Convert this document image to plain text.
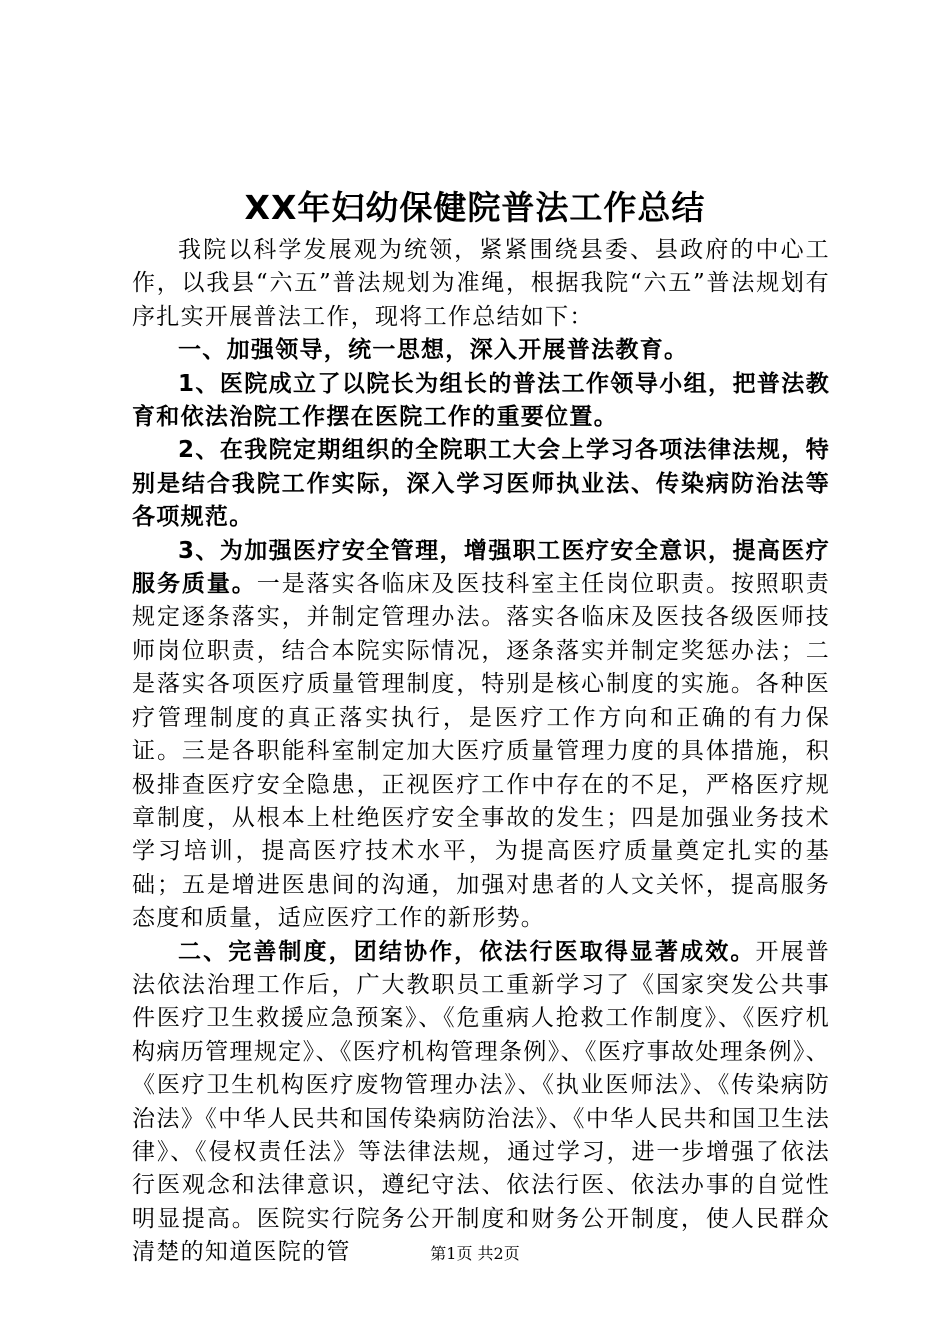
XX年妇幼保健院普法工作总结

我院以科学发展观为统领，紧紧围绕县委、县政府的中心工作，以我县“六五”普法规划为准绳，根据我院“六五”普法规划有序扎实开展普法工作，现将工作总结如下：

一、加强领导，统一思想，深入开展普法教育。

1、医院成立了以院长为组长的普法工作领导小组，把普法教育和依法治院工作摆在医院工作的重要位置。

2、在我院定期组织的全院职工大会上学习各项法律法规，特别是结合我院工作实际，深入学习医师执业法、传染病防治法等各项规范。

3、为加强医疗安全管理，增强职工医疗安全意识，提高医疗服务质量。一是落实各临床及医技科室主任岗位职责。按照职责规定逐条落实，并制定管理办法。落实各临床及医技各级医师技师岗位职责，结合本院实际情况，逐条落实并制定奖惩办法；二是落实各项医疗质量管理制度，特别是核心制度的实施。各种医疗管理制度的真正落实执行，是医疗工作方向和正确的有力保证。三是各职能科室制定加大医疗质量管理力度的具体措施，积极排查医疗安全隐患，正视医疗工作中存在的不足，严格医疗规章制度，从根本上杜绝医疗安全事故的发生；四是加强业务技术学习培训，提高医疗技术水平，为提高医疗质量奠定扎实的基础；五是增进医患间的沟通，加强对患者的人文关怀，提高服务态度和质量，适应医疗工作的新形势。

二、完善制度，团结协作，依法行医取得显著成效。开展普法依法治理工作后，广大教职员工重新学习了《国家突发公共事件医疗卫生救援应急预案》、《危重病人抢救工作制度》、《医疗机构病历管理规定》、《医疗机构管理条例》、《医疗事故处理条例》、《医疗卫生机构医疗废物管理办法》、《执业医师法》、《传染病防治法》《中华人民共和国传染病防治法》、《中华人民共和国卫生法律》、《侵权责任法》等法律法规，通过学习，进一步增强了依法行医观念和法律意识，遵纪守法、依法行医、依法办事的自觉性明显提高。医院实行院务公开制度和财务公开制度，使人民群众清楚的知道医院的管	第1页 共2页
